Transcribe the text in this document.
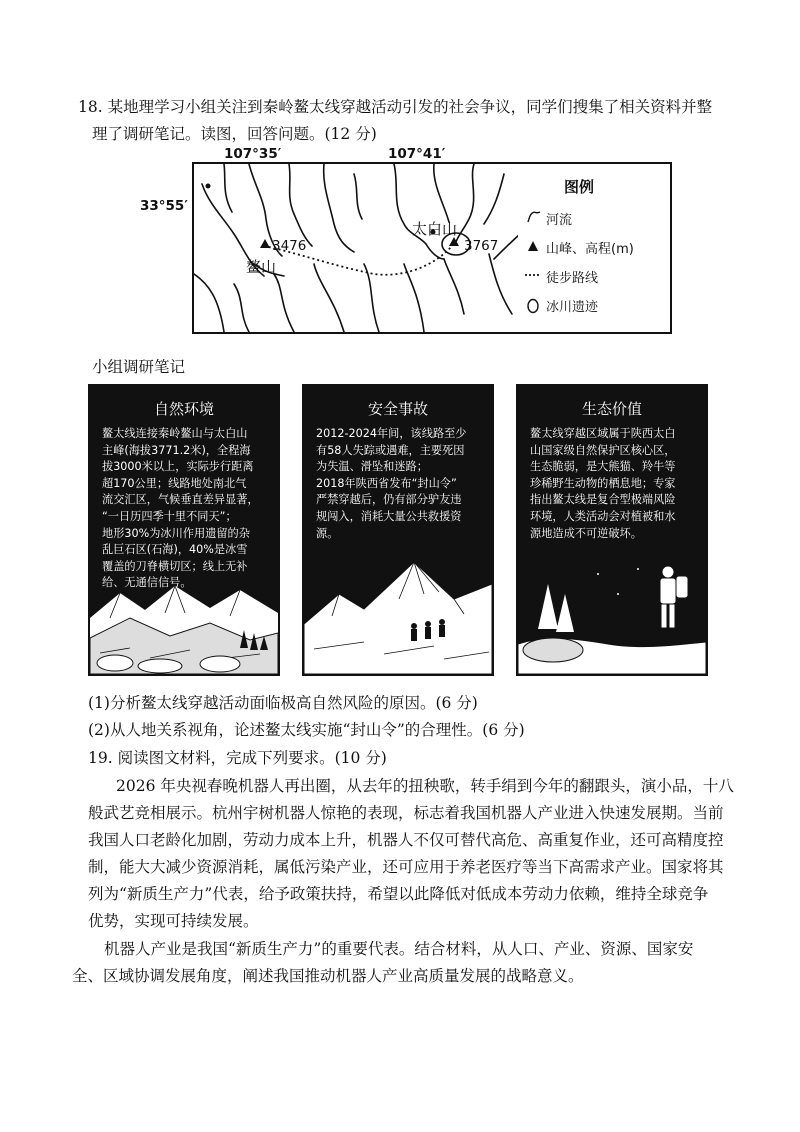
18. 某地理学习小组关注到秦岭鳌太线穿越活动引发的社会争议，同学们搜集了相关资料并整
理了调研笔记。读图，回答问题。(12 分)
107°35′	107°41′
33°55′
3476
鳌山
太白山
3767
图例
河流
山峰、高程(m)
徒步路线
冰川遗迹
小组调研笔记
自然环境
鳌太线连接秦岭鳌山与太白山
主峰(海拔3771.2米)，全程海
拔3000米以上，实际步行距离
超170公里；线路地处南北气
流交汇区，气候垂直差异显著，
“一日历四季十里不同天”；
地形30%为冰川作用遗留的杂
乱巨石区(石海)，40%是冰雪
覆盖的刀脊横切区；线上无补
给、无通信信号。
安全事故
2012-2024年间，该线路至少
有58人失踪或遇难，主要死因
为失温、滑坠和迷路；
2018年陕西省发布“封山令”
严禁穿越后，仍有部分驴友违
规闯入，消耗大量公共救援资
源。
生态价值
鳌太线穿越区域属于陕西太白
山国家级自然保护区核心区，
生态脆弱，是大熊猫、羚牛等
珍稀野生动物的栖息地；专家
指出鳌太线是复合型极端风险
环境，人类活动会对植被和水
源地造成不可逆破坏。
(1)分析鳌太线穿越活动面临极高自然风险的原因。(6 分)
(2)从人地关系视角，论述鳌太线实施“封山令”的合理性。(6 分)
19. 阅读图文材料，完成下列要求。(10 分)
2026 年央视春晚机器人再出圈，从去年的扭秧歌，转手绢到今年的翻跟头，演小品，十八
般武艺竞相展示。杭州宇树机器人惊艳的表现，标志着我国机器人产业进入快速发展期。当前
我国人口老龄化加剧，劳动力成本上升，机器人不仅可替代高危、高重复作业，还可高精度控
制，能大大减少资源消耗，属低污染产业，还可应用于养老医疗等当下高需求产业。国家将其
列为“新质生产力”代表，给予政策扶持，希望以此降低对低成本劳动力依赖，维持全球竞争
优势，实现可持续发展。
机器人产业是我国“新质生产力”的重要代表。结合材料，从人口、产业、资源、国家安
全、区域协调发展角度，阐述我国推动机器人产业高质量发展的战略意义。
